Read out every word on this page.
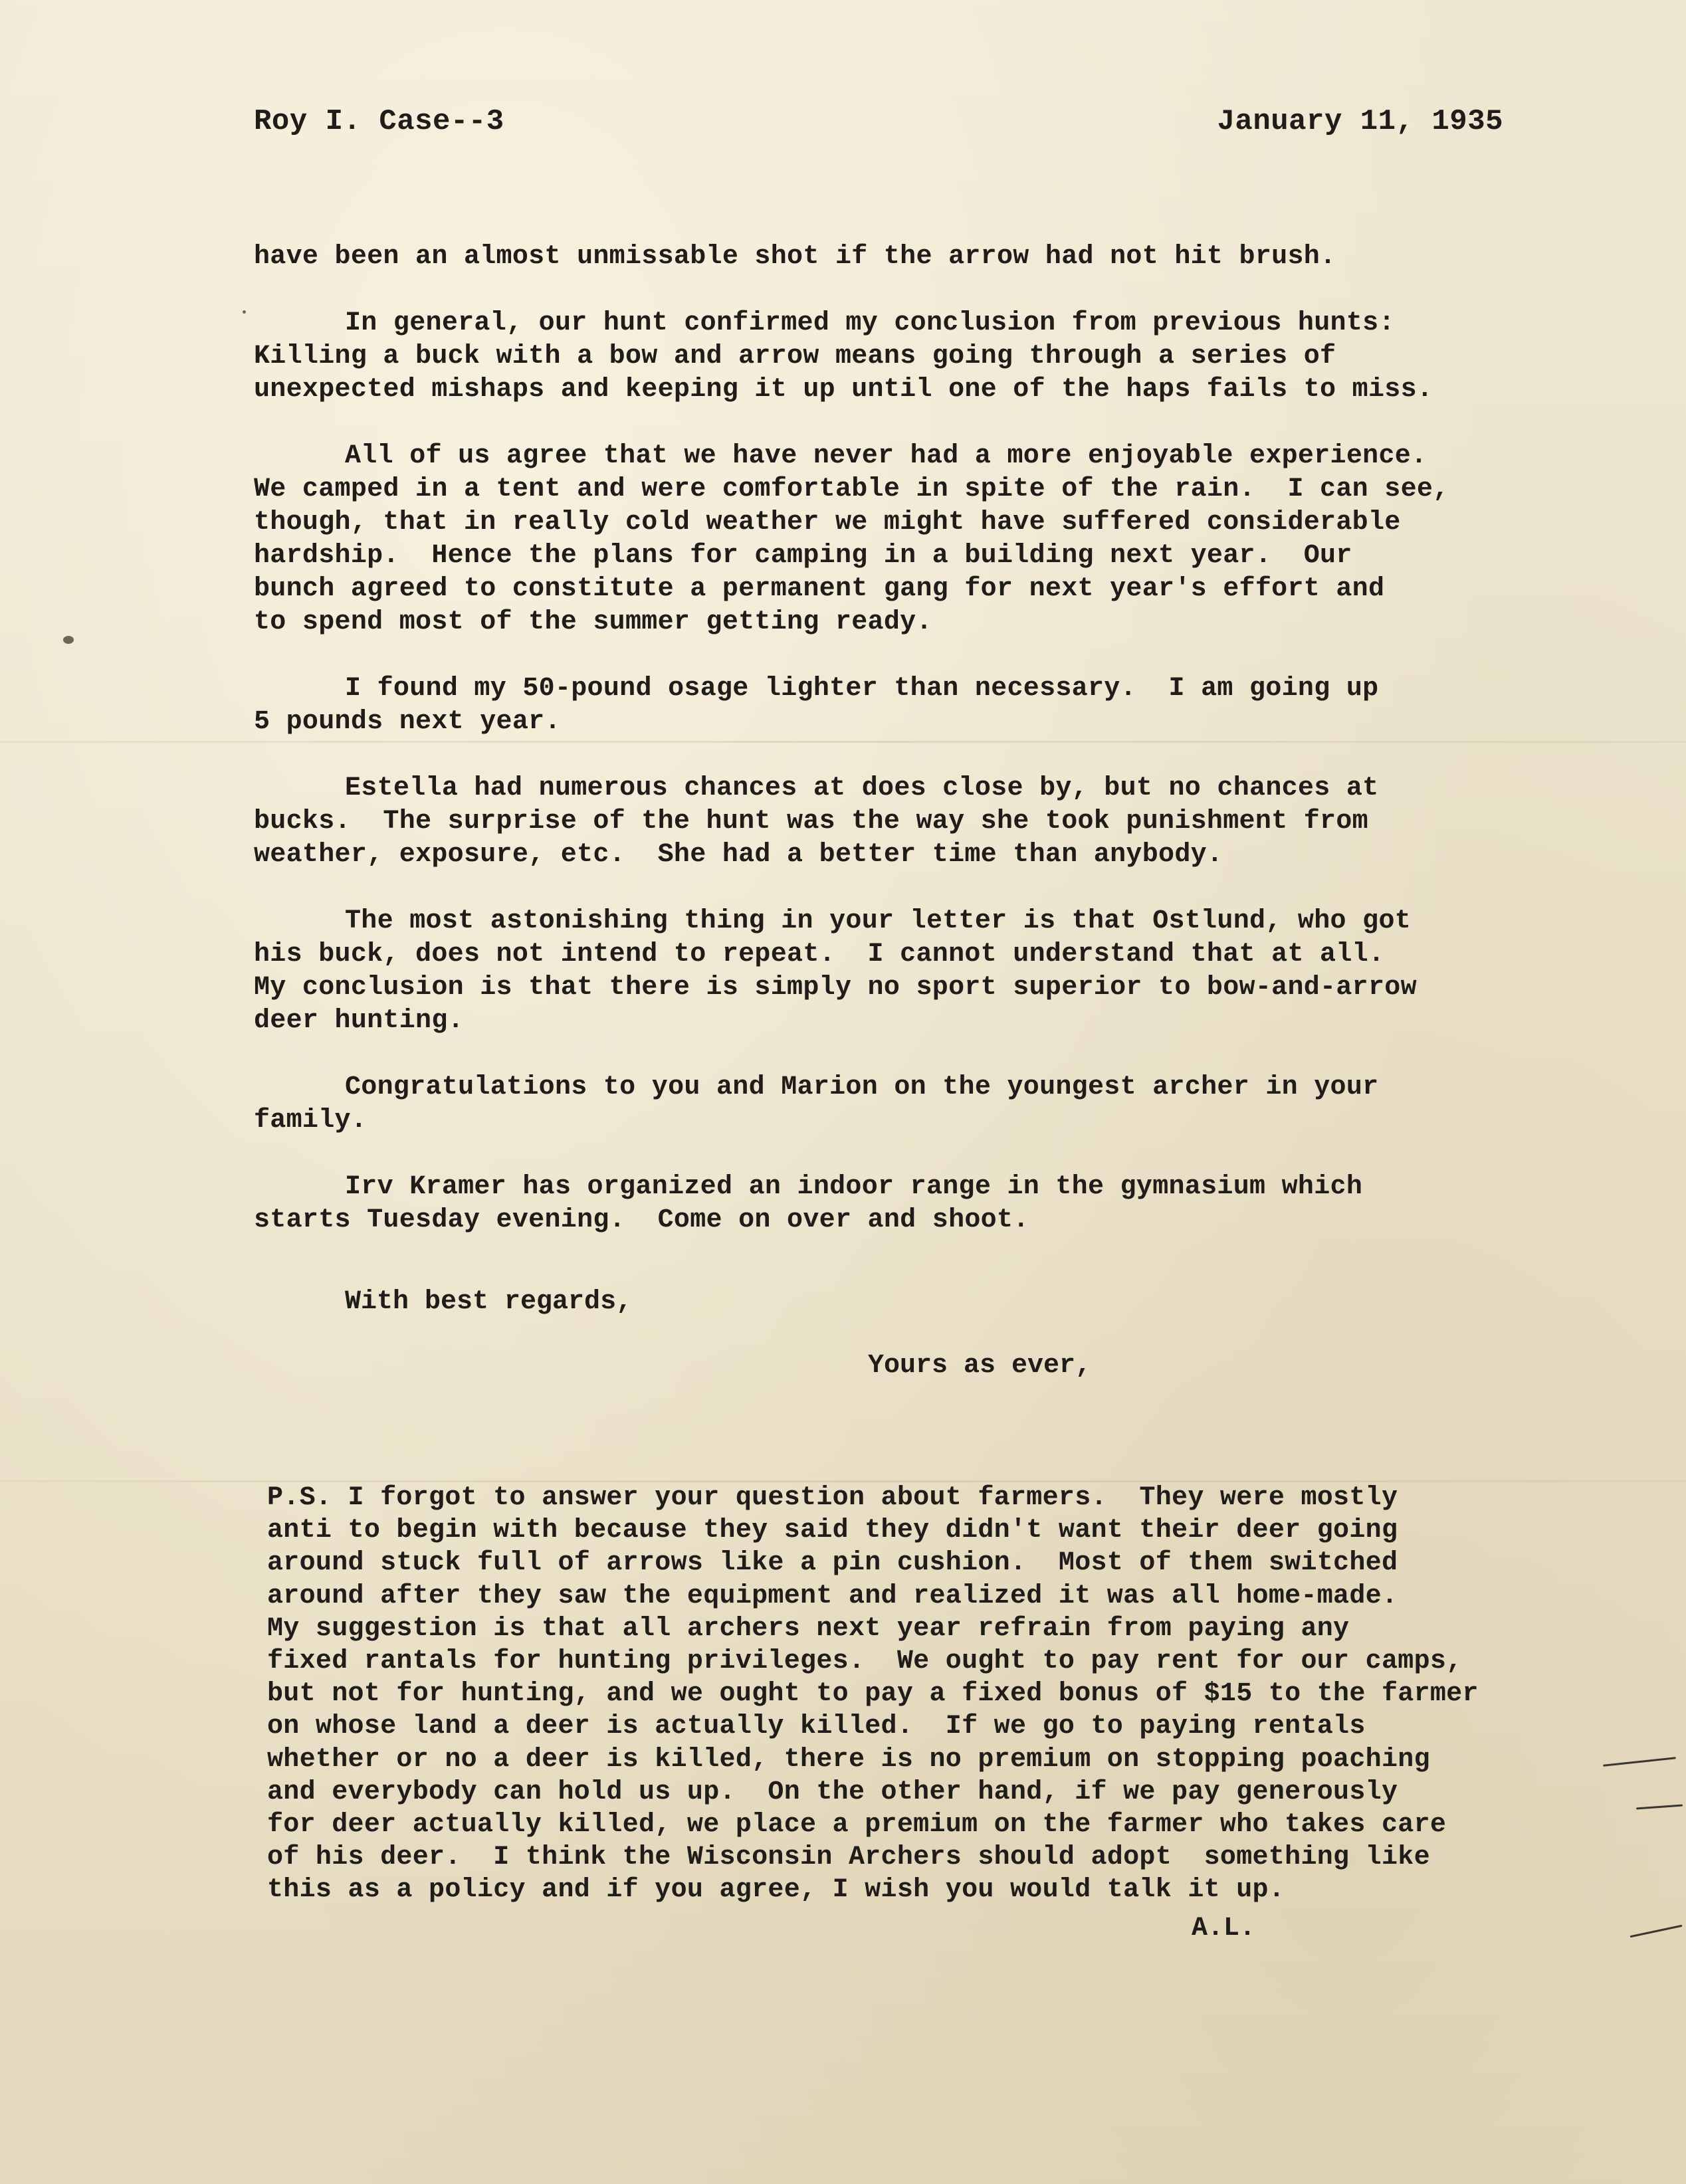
Roy I. Case--3	January 11, 1935
have been an almost unmissable shot if the arrow had not hit brush.
In general, our hunt confirmed my conclusion from previous hunts:
Killing a buck with a bow and arrow means going through a series of
unexpected mishaps and keeping it up until one of the haps fails to miss.
All of us agree that we have never had a more enjoyable experience.
We camped in a tent and were comfortable in spite of the rain.  I can see,
though, that in really cold weather we might have suffered considerable
hardship.  Hence the plans for camping in a building next year.  Our
bunch agreed to constitute a permanent gang for next year's effort and
to spend most of the summer getting ready.
I found my 50-pound osage lighter than necessary.  I am going up
5 pounds next year.
Estella had numerous chances at does close by, but no chances at
bucks.  The surprise of the hunt was the way she took punishment from
weather, exposure, etc.  She had a better time than anybody.
The most astonishing thing in your letter is that Ostlund, who got
his buck, does not intend to repeat.  I cannot understand that at all.
My conclusion is that there is simply no sport superior to bow-and-arrow
deer hunting.
Congratulations to you and Marion on the youngest archer in your
family.
Irv Kramer has organized an indoor range in the gymnasium which
starts Tuesday evening.  Come on over and shoot.
With best regards,
Yours as ever,
P.S. I forgot to answer your question about farmers.  They were mostly
anti to begin with because they said they didn't want their deer going
around stuck full of arrows like a pin cushion.  Most of them switched
around after they saw the equipment and realized it was all home-made.
My suggestion is that all archers next year refrain from paying any
fixed rantals for hunting privileges.  We ought to pay rent for our camps,
but not for hunting, and we ought to pay a fixed bonus of $15 to the farmer
on whose land a deer is actually killed.  If we go to paying rentals
whether or no a deer is killed, there is no premium on stopping poaching
and everybody can hold us up.  On the other hand, if we pay generously
for deer actually killed, we place a premium on the farmer who takes care
of his deer.  I think the Wisconsin Archers should adopt  something like
this as a policy and if you agree, I wish you would talk it up.
A.L.
